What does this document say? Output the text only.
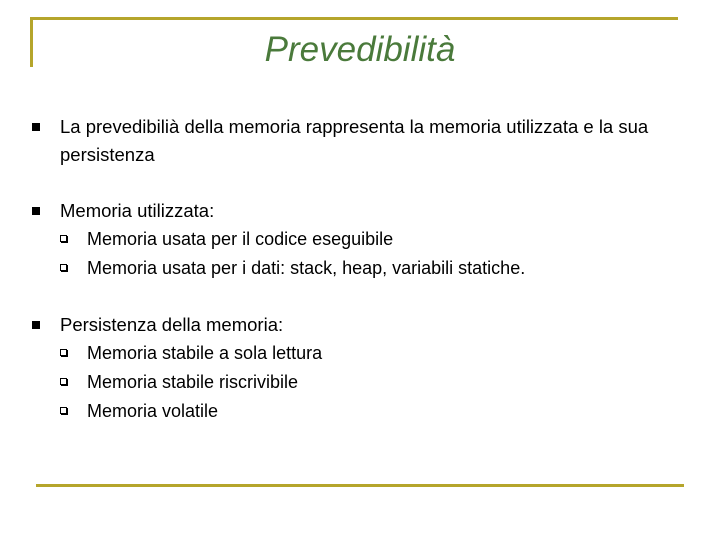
Prevedibilità
La prevedibilià della memoria rappresenta la memoria utilizzata e la sua persistenza
Memoria utilizzata:
Memoria usata per il codice eseguibile
Memoria usata per i dati: stack, heap, variabili statiche.
Persistenza della memoria:
Memoria stabile a sola lettura
Memoria stabile riscrivibile
Memoria volatile
